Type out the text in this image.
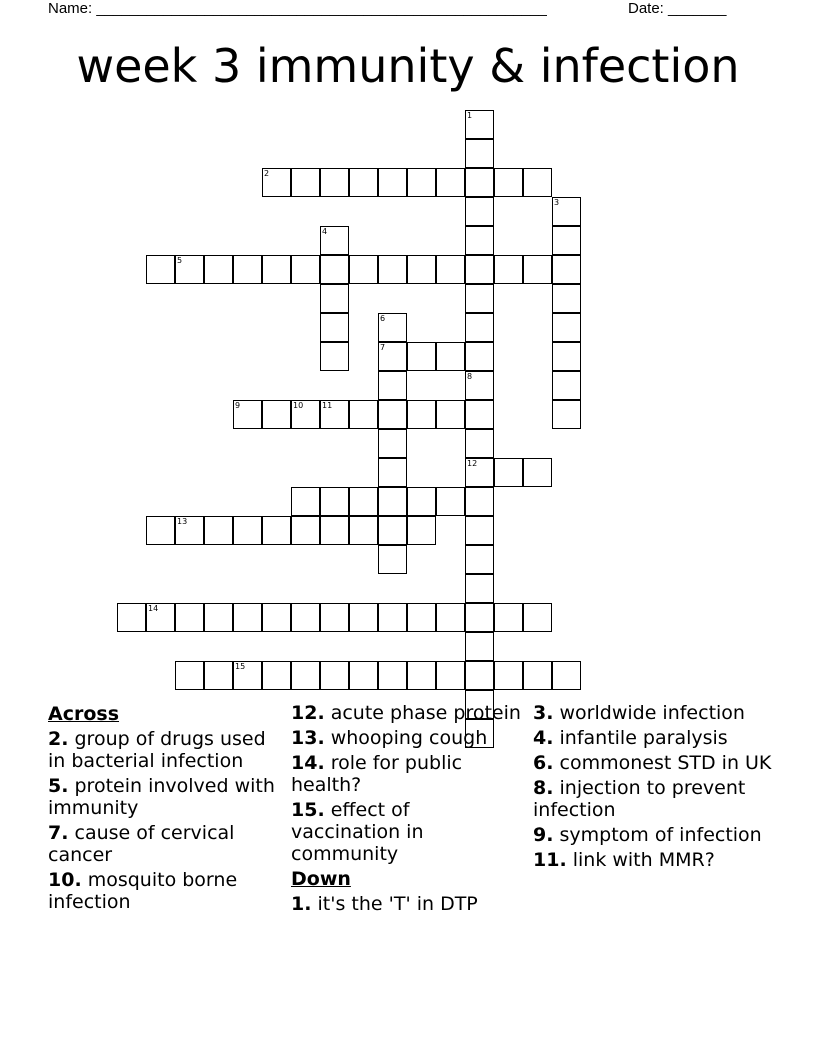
Name: ______________________________________________________	Date: _______
week 3 immunity & infection
1
8
12
2
3
4
5
6
7
9	10 11
13
14
15
Across
2. group of drugs used in bacterial infection
5. protein involved with immunity
7. cause of cervical cancer
10. mosquito borne infection
12. acute phase protein
13. whooping cough
14. role for public health?
15. effect of vaccination in community
Down
1. it's the 'T' in DTP
3. worldwide infection
4. infantile paralysis
6. commonest STD in UK
8. injection to prevent infection
9. symptom of infection
11. link with MMR?
